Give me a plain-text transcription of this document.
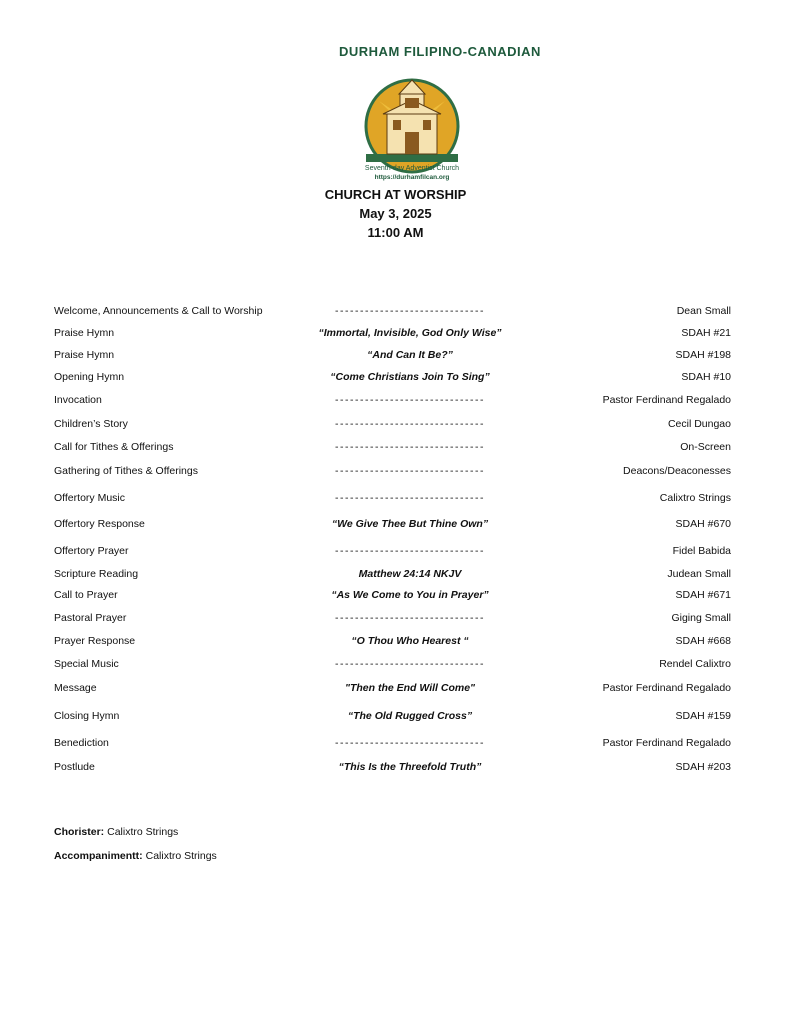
DURHAM FILIPINO-CANADIAN
Seventh-day Adventist Church
https://durhamfilcan.org
CHURCH AT WORSHIP
May 3, 2025
11:00 AM
Welcome, Announcements & Call to Worship	------------------------------	Dean Small
Praise Hymn	“Immortal, Invisible, God Only Wise”	SDAH #21
Praise Hymn	“And Can It Be?”	SDAH #198
Opening Hymn	“Come Christians Join To Sing”	SDAH #10
Invocation	------------------------------	Pastor Ferdinand Regalado
Children’s Story	------------------------------	Cecil Dungao
Call for Tithes & Offerings	------------------------------	On-Screen
Gathering of Tithes & Offerings	------------------------------	Deacons/Deaconesses
Offertory Music	------------------------------	Calixtro Strings
Offertory Response	“We Give Thee But Thine Own”	SDAH #670
Offertory Prayer	------------------------------	Fidel Babida
Scripture Reading	Matthew 24:14 NKJV	Judean Small
Call to Prayer	“As We Come to You in Prayer”	SDAH #671
Pastoral Prayer	------------------------------	Giging Small
Prayer Response	“O Thou Who Hearest “	SDAH #668
Special Music	------------------------------	Rendel Calixtro
Message	"Then the End Will Come"	Pastor Ferdinand Regalado
Closing Hymn	“The Old Rugged Cross”	SDAH #159
Benediction	------------------------------	Pastor Ferdinand Regalado
Postlude	“This Is the Threefold Truth”	SDAH #203
Chorister: Calixtro Strings
Accompanimentt: Calixtro Strings
